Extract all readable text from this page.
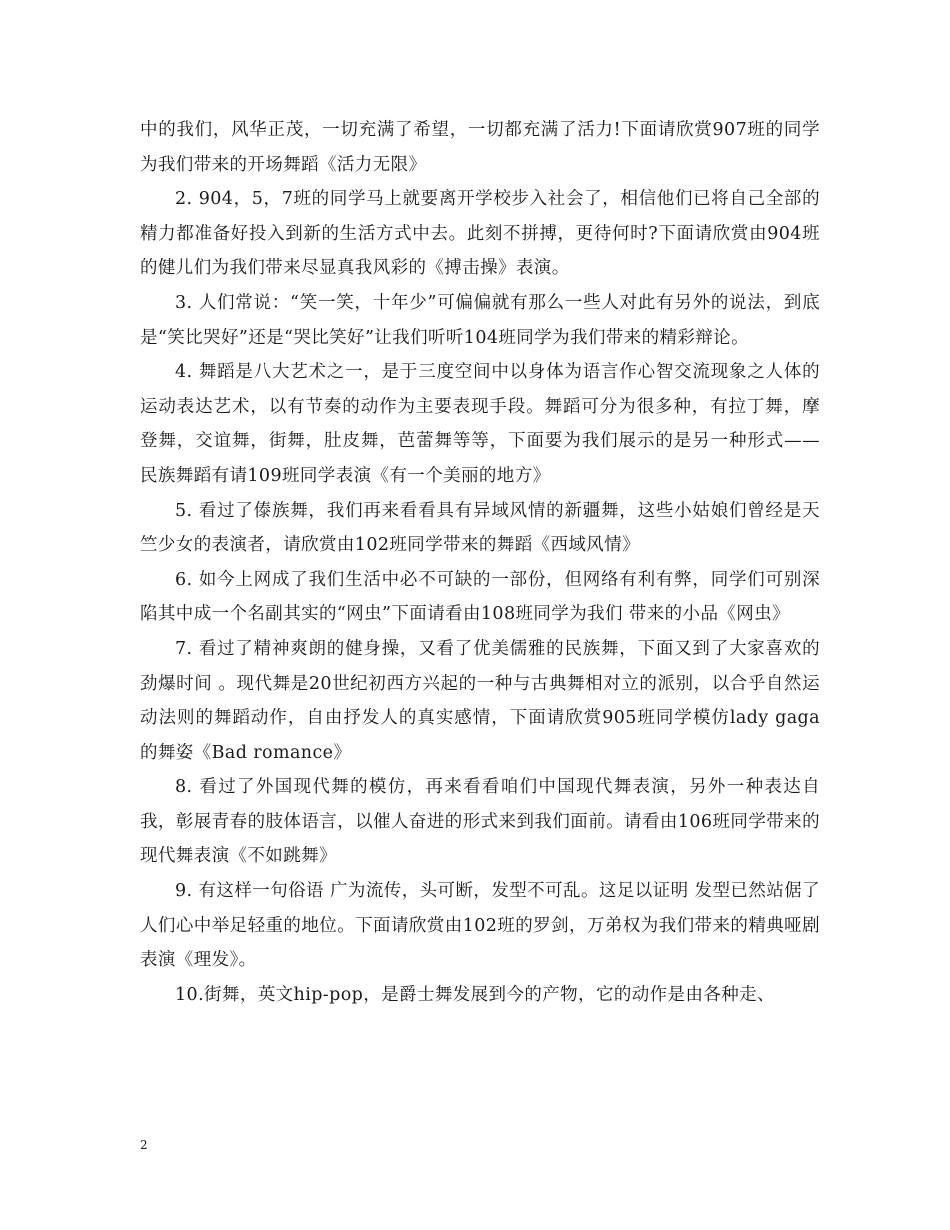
中的我们，风华正茂，一切充满了希望，一切都充满了活力!下面请欣赏907班的同学为我们带来的开场舞蹈《活力无限》

2. 904，5，7班的同学马上就要离开学校步入社会了，相信他们已将自己全部的精力都准备好投入到新的生活方式中去。此刻不拼搏，更待何时?下面请欣赏由904班的健儿们为我们带来尽显真我风彩的《搏击操》表演。

3. 人们常说：“笑一笑，十年少”可偏偏就有那么一些人对此有另外的说法，到底是“笑比哭好”还是“哭比笑好”让我们听听104班同学为我们带来的精彩辩论。

4. 舞蹈是八大艺术之一，是于三度空间中以身体为语言作心智交流现象之人体的运动表达艺术，以有节奏的动作为主要表现手段。舞蹈可分为很多种，有拉丁舞，摩登舞，交谊舞，街舞，肚皮舞，芭蕾舞等等，下面要为我们展示的是另一种形式——民族舞蹈有请109班同学表演《有一个美丽的地方》

5. 看过了傣族舞，我们再来看看具有异域风情的新疆舞，这些小姑娘们曾经是天竺少女的表演者，请欣赏由102班同学带来的舞蹈《西域风情》

6. 如今上网成了我们生活中必不可缺的一部份，但网络有利有弊，同学们可别深陷其中成一个名副其实的“网虫”下面请看由108班同学为我们 带来的小品《网虫》

7. 看过了精神爽朗的健身操，又看了优美儒雅的民族舞，下面又到了大家喜欢的劲爆时间 。现代舞是20世纪初西方兴起的一种与古典舞相对立的派别，以合乎自然运动法则的舞蹈动作，自由抒发人的真实感情，下面请欣赏905班同学模仿lady gaga 的舞姿《Bad romance》

8. 看过了外国现代舞的模仿，再来看看咱们中国现代舞表演，另外一种表达自我，彰展青春的肢体语言，以催人奋进的形式来到我们面前。请看由106班同学带来的现代舞表演《不如跳舞》

9. 有这样一句俗语 广为流传，头可断，发型不可乱。这足以证明 发型已然站倨了人们心中举足轻重的地位。下面请欣赏由102班的罗剑，万弟权为我们带来的精典哑剧表演《理发》。

10.街舞，英文hip-pop，是爵士舞发展到今的产物，它的动作是由各种走、

2
